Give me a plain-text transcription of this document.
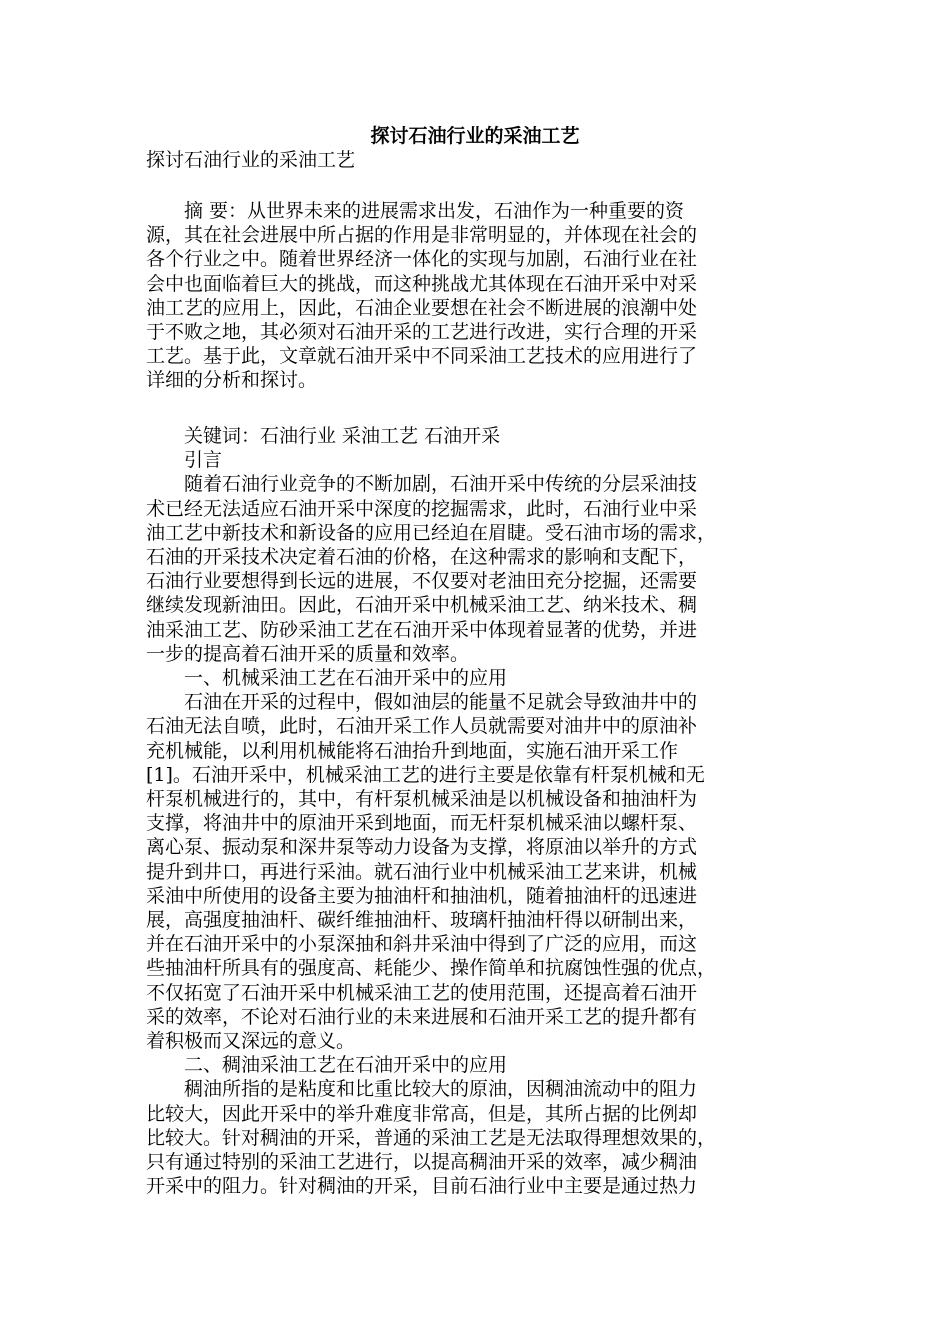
探讨石油行业的采油工艺

探讨石油行业的采油工艺

　　摘 要：从世界未来的进展需求出发，石油作为一种重要的资

源，其在社会进展中所占据的作用是非常明显的，并体现在社会的

各个行业之中。随着世界经济一体化的实现与加剧，石油行业在社

会中也面临着巨大的挑战，而这种挑战尤其体现在石油开采中对采

油工艺的应用上，因此，石油企业要想在社会不断进展的浪潮中处

于不败之地，其必须对石油开采的工艺进行改进，实行合理的开采

工艺。基于此，文章就石油开采中不同采油工艺技术的应用进行了

详细的分析和探讨。

　　关键词：石油行业 采油工艺 石油开采

　　引言

　　随着石油行业竞争的不断加剧，石油开采中传统的分层采油技

术已经无法适应石油开采中深度的挖掘需求，此时，石油行业中采

油工艺中新技术和新设备的应用已经迫在眉睫。受石油市场的需求，

石油的开采技术决定着石油的价格，在这种需求的影响和支配下，

石油行业要想得到长远的进展，不仅要对老油田充分挖掘，还需要

继续发现新油田。因此，石油开采中机械采油工艺、纳米技术、稠

油采油工艺、防砂采油工艺在石油开采中体现着显著的优势，并进

一步的提高着石油开采的质量和效率。

　　一、机械采油工艺在石油开采中的应用

　　石油在开采的过程中，假如油层的能量不足就会导致油井中的

石油无法自喷，此时，石油开采工作人员就需要对油井中的原油补

充机械能，以利用机械能将石油抬升到地面，实施石油开采工作

[1]。石油开采中，机械采油工艺的进行主要是依靠有杆泵机械和无

杆泵机械进行的，其中，有杆泵机械采油是以机械设备和抽油杆为

支撑，将油井中的原油开采到地面，而无杆泵机械采油以螺杆泵、

离心泵、振动泵和深井泵等动力设备为支撑，将原油以举升的方式

提升到井口，再进行采油。就石油行业中机械采油工艺来讲，机械

采油中所使用的设备主要为抽油杆和抽油机，随着抽油杆的迅速进

展，高强度抽油杆、碳纤维抽油杆、玻璃杆抽油杆得以研制出来，

并在石油开采中的小泵深抽和斜井采油中得到了广泛的应用，而这

些抽油杆所具有的强度高、耗能少、操作简单和抗腐蚀性强的优点，

不仅拓宽了石油开采中机械采油工艺的使用范围，还提高着石油开

采的效率，不论对石油行业的未来进展和石油开采工艺的提升都有

着积极而又深远的意义。

　　二、稠油采油工艺在石油开采中的应用

　　稠油所指的是粘度和比重比较大的原油，因稠油流动中的阻力

比较大，因此开采中的举升难度非常高，但是，其所占据的比例却

比较大。针对稠油的开采，普通的采油工艺是无法取得理想效果的，

只有通过特别的采油工艺进行，以提高稠油开采的效率，减少稠油

开采中的阻力。针对稠油的开采，目前石油行业中主要是通过热力
